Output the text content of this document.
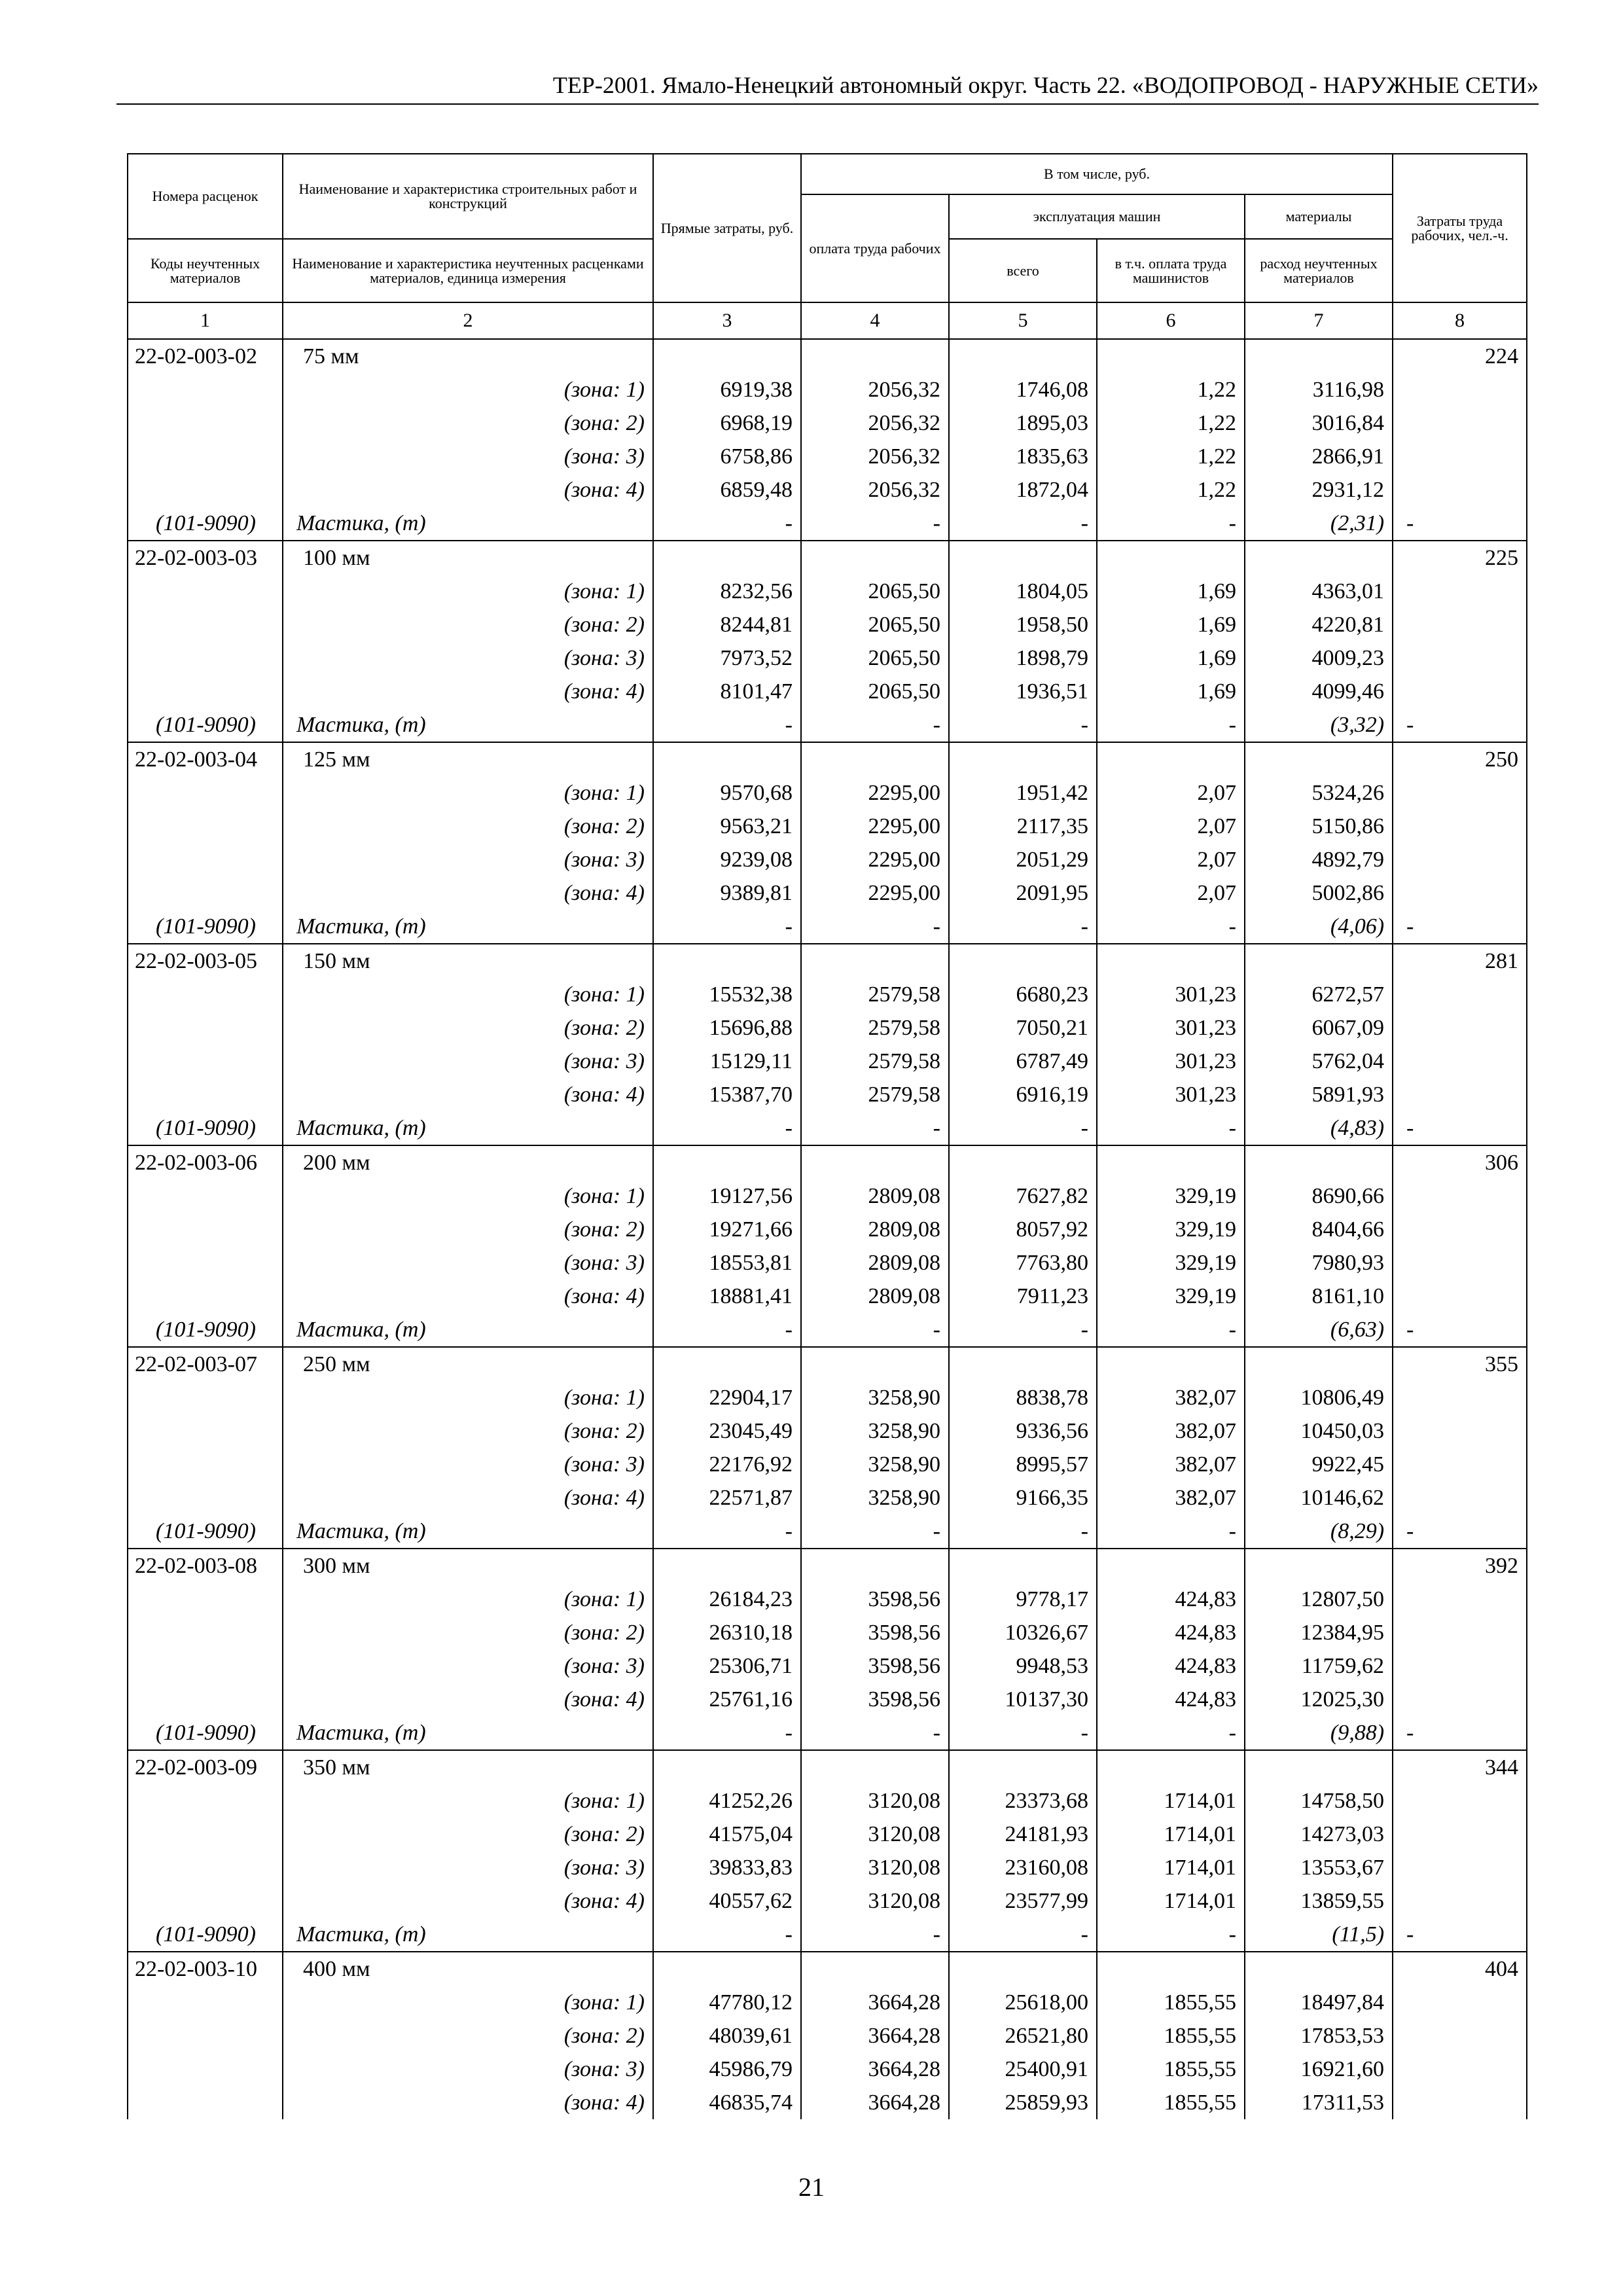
ТЕР-2001. Ямало-Ненецкий автономный округ. Часть 22. «ВОДОПРОВОД - НАРУЖНЫЕ СЕТИ»
Номера расценок	Наименование и характеристика строительных работ и конструкций	Прямые затраты, руб.	В том числе, руб.				Затраты труда рабочих, чел.-ч.
			оплата труда рабочих	эксплуатация машин		материалы	
Коды неучтенных материалов	Наименование и характеристика неучтенных расценками материалов, единица измерения			всего	в т.ч. оплата труда машинистов	расход неучтенных материалов	
1	2	3	4	5	6	7	8
22-02-003-02	75 мм						224
	(зона: 1)	6919,38	2056,32	1746,08	1,22	3116,98	
	(зона: 2)	6968,19	2056,32	1895,03	1,22	3016,84	
	(зона: 3)	6758,86	2056,32	1835,63	1,22	2866,91	
	(зона: 4)	6859,48	2056,32	1872,04	1,22	2931,12	
(101-9090)	Мастика, (т)	-	-	-	-	(2,31)	-
22-02-003-03	100 мм						225
	(зона: 1)	8232,56	2065,50	1804,05	1,69	4363,01	
	(зона: 2)	8244,81	2065,50	1958,50	1,69	4220,81	
	(зона: 3)	7973,52	2065,50	1898,79	1,69	4009,23	
	(зона: 4)	8101,47	2065,50	1936,51	1,69	4099,46	
(101-9090)	Мастика, (т)	-	-	-	-	(3,32)	-
22-02-003-04	125 мм						250
	(зона: 1)	9570,68	2295,00	1951,42	2,07	5324,26	
	(зона: 2)	9563,21	2295,00	2117,35	2,07	5150,86	
	(зона: 3)	9239,08	2295,00	2051,29	2,07	4892,79	
	(зона: 4)	9389,81	2295,00	2091,95	2,07	5002,86	
(101-9090)	Мастика, (т)	-	-	-	-	(4,06)	-
22-02-003-05	150 мм						281
	(зона: 1)	15532,38	2579,58	6680,23	301,23	6272,57	
	(зона: 2)	15696,88	2579,58	7050,21	301,23	6067,09	
	(зона: 3)	15129,11	2579,58	6787,49	301,23	5762,04	
	(зона: 4)	15387,70	2579,58	6916,19	301,23	5891,93	
(101-9090)	Мастика, (т)	-	-	-	-	(4,83)	-
22-02-003-06	200 мм						306
	(зона: 1)	19127,56	2809,08	7627,82	329,19	8690,66	
	(зона: 2)	19271,66	2809,08	8057,92	329,19	8404,66	
	(зона: 3)	18553,81	2809,08	7763,80	329,19	7980,93	
	(зона: 4)	18881,41	2809,08	7911,23	329,19	8161,10	
(101-9090)	Мастика, (т)	-	-	-	-	(6,63)	-
22-02-003-07	250 мм						355
	(зона: 1)	22904,17	3258,90	8838,78	382,07	10806,49	
	(зона: 2)	23045,49	3258,90	9336,56	382,07	10450,03	
	(зона: 3)	22176,92	3258,90	8995,57	382,07	9922,45	
	(зона: 4)	22571,87	3258,90	9166,35	382,07	10146,62	
(101-9090)	Мастика, (т)	-	-	-	-	(8,29)	-
22-02-003-08	300 мм						392
	(зона: 1)	26184,23	3598,56	9778,17	424,83	12807,50	
	(зона: 2)	26310,18	3598,56	10326,67	424,83	12384,95	
	(зона: 3)	25306,71	3598,56	9948,53	424,83	11759,62	
	(зона: 4)	25761,16	3598,56	10137,30	424,83	12025,30	
(101-9090)	Мастика, (т)	-	-	-	-	(9,88)	-
22-02-003-09	350 мм						344
	(зона: 1)	41252,26	3120,08	23373,68	1714,01	14758,50	
	(зона: 2)	41575,04	3120,08	24181,93	1714,01	14273,03	
	(зона: 3)	39833,83	3120,08	23160,08	1714,01	13553,67	
	(зона: 4)	40557,62	3120,08	23577,99	1714,01	13859,55	
(101-9090)	Мастика, (т)	-	-	-	-	(11,5)	-
22-02-003-10	400 мм						404
	(зона: 1)	47780,12	3664,28	25618,00	1855,55	18497,84	
	(зона: 2)	48039,61	3664,28	26521,80	1855,55	17853,53	
	(зона: 3)	45986,79	3664,28	25400,91	1855,55	16921,60	
	(зона: 4)	46835,74	3664,28	25859,93	1855,55	17311,53	
21
